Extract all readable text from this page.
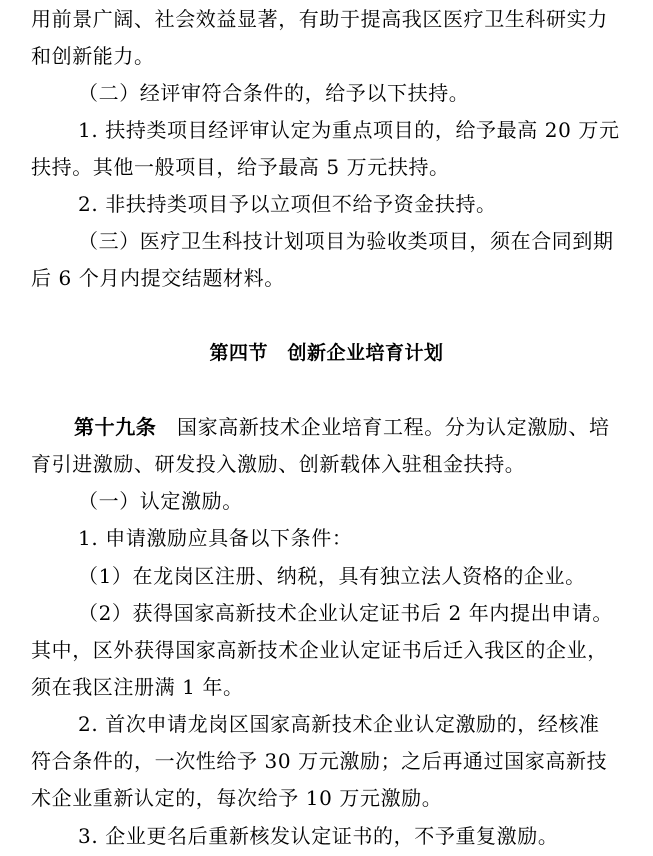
用前景广阔、社会效益显著，有助于提高我区医疗卫生科研实力
和创新能力。
（二）经评审符合条件的，给予以下扶持。
1. 扶持类项目经评审认定为重点项目的，给予最高 20 万元
扶持。其他一般项目，给予最高 5 万元扶持。
2. 非扶持类项目予以立项但不给予资金扶持。
（三）医疗卫生科技计划项目为验收类项目，须在合同到期
后 6 个月内提交结题材料。
第四节　创新企业培育计划
第十九条　国家高新技术企业培育工程。分为认定激励、培
育引进激励、研发投入激励、创新载体入驻租金扶持。
（一）认定激励。
1. 申请激励应具备以下条件：
（1）在龙岗区注册、纳税，具有独立法人资格的企业。
（2）获得国家高新技术企业认定证书后 2 年内提出申请。
其中，区外获得国家高新技术企业认定证书后迁入我区的企业，
须在我区注册满 1 年。
2. 首次申请龙岗区国家高新技术企业认定激励的，经核准
符合条件的，一次性给予 30 万元激励；之后再通过国家高新技
术企业重新认定的，每次给予 10 万元激励。
3. 企业更名后重新核发认定证书的，不予重复激励。
